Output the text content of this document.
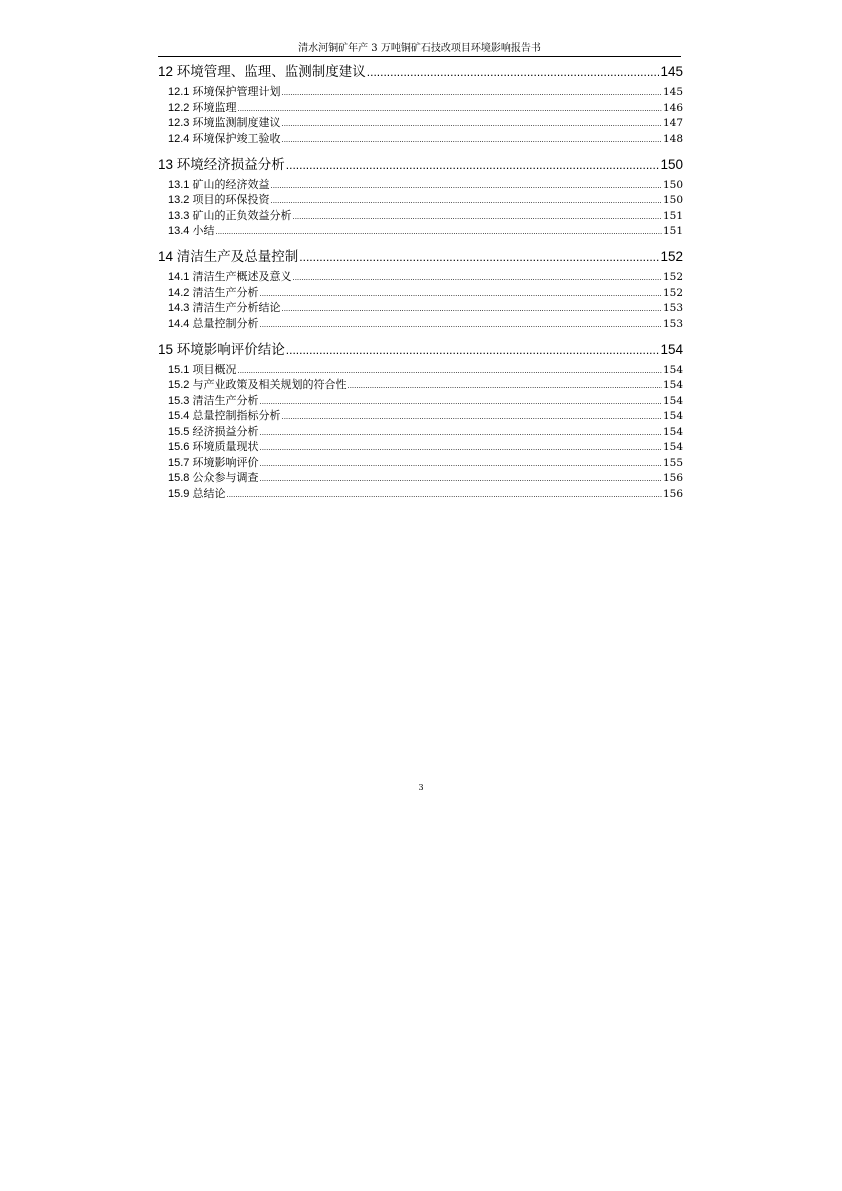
清水河铜矿年产 3 万吨铜矿石技改项目环境影响报告书
12 环境管理、监理、监测制度建议 .....	145
12.1 环境保护管理计划 .....	145
12.2 环境监理 .....	146
12.3 环境监测制度建议 .....	147
12.4 环境保护竣工验收 .....	148
13 环境经济损益分析 .....	150
13.1 矿山的经济效益 .....	150
13.2 项目的环保投资 .....	150
13.3 矿山的正负效益分析 .....	151
13.4 小结 .....	151
14 清洁生产及总量控制 .....	152
14.1 清洁生产概述及意义 .....	152
14.2 清洁生产分析 .....	152
14.3 清洁生产分析结论 .....	153
14.4 总量控制分析 .....	153
15 环境影响评价结论 .....	154
15.1 项目概况 .....	154
15.2 与产业政策及相关规划的符合性 .....	154
15.3 清洁生产分析 .....	154
15.4 总量控制指标分析 .....	154
15.5 经济损益分析 .....	154
15.6 环境质量现状 .....	154
15.7 环境影响评价 .....	155
15.8 公众参与调查 .....	156
15.9 总结论 .....	156
3
